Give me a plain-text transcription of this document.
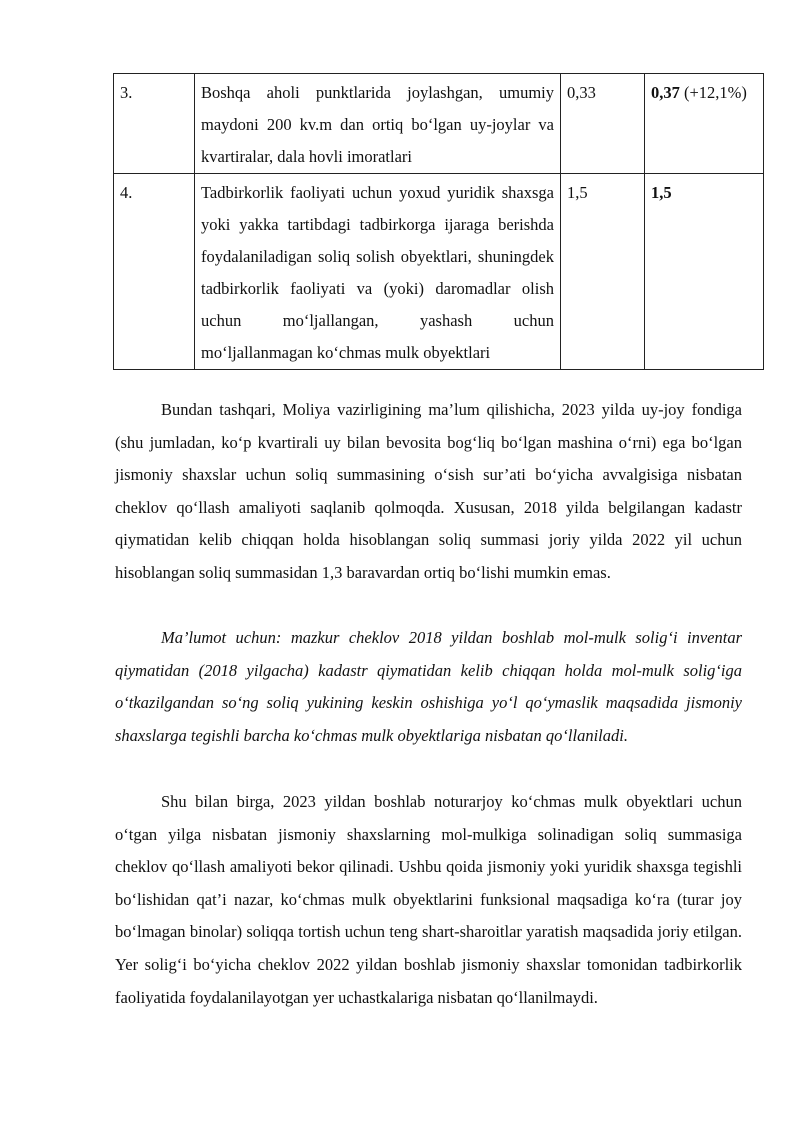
3.	Boshqa aholi punktlarida joylashgan, umumiy maydoni 200 kv.m dan ortiq bo‘lgan uy-joylar va kvartiralar, dala hovli imoratlari	0,33	0,37 (+12,1%)
4.	Tadbirkorlik faoliyati uchun yoxud yuridik shaxsga yoki yakka tartibdagi tadbirkorga ijaraga berishda foydalaniladigan soliq solish obyektlari, shuningdek tadbirkorlik faoliyati va (yoki) daromadlar olish uchun mo‘ljallangan, yashash uchun mo‘ljallanmagan ko‘chmas mulk obyektlari	1,5	1,5

Bundan tashqari, Moliya vazirligining ma’lum qilishicha, 2023 yilda uy-joy fondiga (shu jumladan, ko‘p kvartirali uy bilan bevosita bog‘liq bo‘lgan mashina o‘rni) ega bo‘lgan jismoniy shaxslar uchun soliq summasining o‘sish sur’ati bo‘yicha avvalgisiga nisbatan cheklov qo‘llash amaliyoti saqlanib qolmoqda. Xususan, 2018 yilda belgilangan kadastr qiymatidan kelib chiqqan holda hisoblangan soliq summasi joriy yilda 2022 yil uchun hisoblangan soliq summasidan 1,3 baravardan ortiq bo‘lishi mumkin emas.

Ma’lumot uchun: mazkur cheklov 2018 yildan boshlab mol-mulk solig‘i inventar qiymatidan (2018 yilgacha) kadastr qiymatidan kelib chiqqan holda mol-mulk solig‘iga o‘tkazilgandan so‘ng soliq yukining keskin oshishiga yo‘l qo‘ymaslik maqsadida jismoniy shaxslarga tegishli barcha ko‘chmas mulk obyektlariga nisbatan qo‘llaniladi.

Shu bilan birga, 2023 yildan boshlab noturarjoy ko‘chmas mulk obyektlari uchun o‘tgan yilga nisbatan jismoniy shaxslarning mol-mulkiga solinadigan soliq summasiga cheklov qo‘llash amaliyoti bekor qilinadi. Ushbu qoida jismoniy yoki yuridik shaxsga tegishli bo‘lishidan qat’i nazar, ko‘chmas mulk obyektlarini funksional maqsadiga ko‘ra (turar joy bo‘lmagan binolar) soliqqa tortish uchun teng shart-sharoitlar yaratish maqsadida joriy etilgan. Yer solig‘i bo‘yicha cheklov 2022 yildan boshlab jismoniy shaxslar tomonidan tadbirkorlik faoliyatida foydalanilayotgan yer uchastkalariga nisbatan qo‘llanilmaydi.
